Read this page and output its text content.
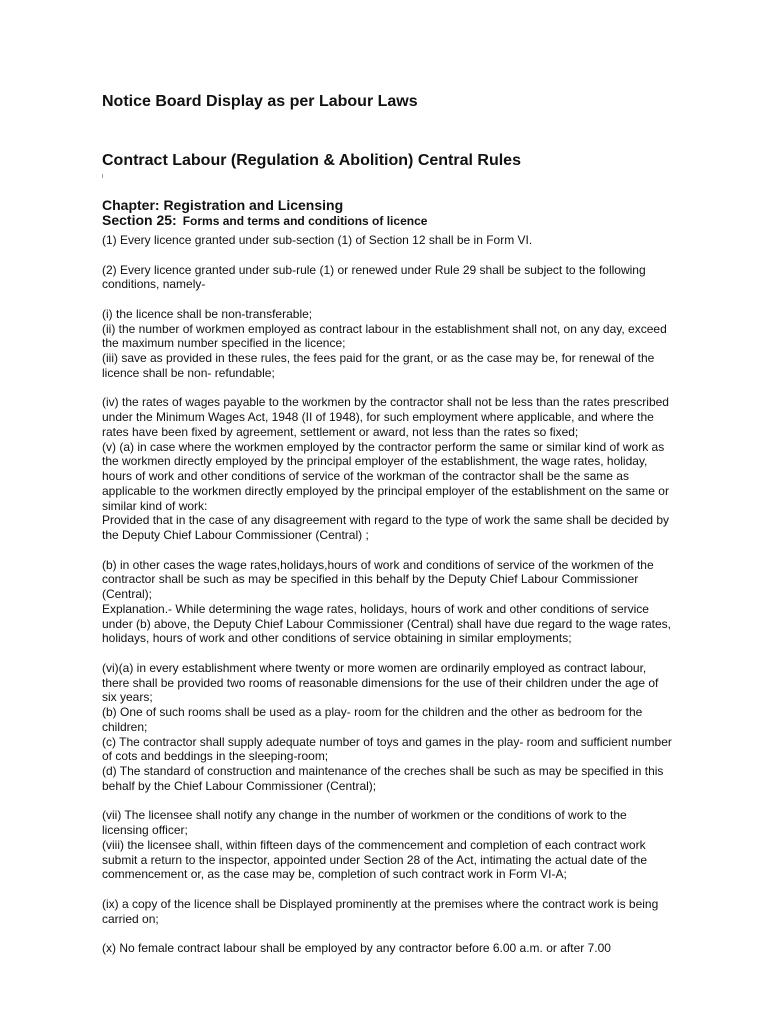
Notice Board Display as per Labour Laws
Contract Labour (Regulation & Abolition) Central Rules
Chapter: Registration and Licensing
Section 25: Forms and terms and conditions of licence

(1) Every licence granted under sub-section (1) of Section 12 shall be in Form VI.

(2) Every licence granted under sub-rule (1) or renewed under Rule 29 shall be subject to the following conditions, namely-

(i) the licence shall be non-transferable;

(ii) the number of workmen employed as contract labour in the establishment shall not, on any day, exceed the maximum number specified in the licence;

(iii) save as provided in these rules, the fees paid for the grant, or as the case may be, for renewal of the licence shall be non- refundable;

(iv) the rates of wages payable to the workmen by the contractor shall not be less than the rates prescribed under the Minimum Wages Act, 1948 (II of 1948), for such employment where applicable, and where the rates have been fixed by agreement, settlement or award, not less than the rates so fixed;

(v) (a) in case where the workmen employed by the contractor perform the same or similar kind of work as the workmen directly employed by the principal employer of the establishment, the wage rates, holiday, hours of work and other conditions of service of the workman of the contractor shall be the same as applicable to the workmen directly employed by the principal employer of the establishment on the same or similar kind of work:

Provided that in the case of any disagreement with regard to the type of work the same shall be decided by the Deputy Chief Labour Commissioner (Central) ;

(b) in other cases the wage rates,holidays,hours of work and conditions of service of the workmen of the contractor shall be such as may be specified in this behalf by the Deputy Chief Labour Commissioner (Central);

Explanation.- While determining the wage rates, holidays, hours of work and other conditions of service under (b) above, the Deputy Chief Labour Commissioner (Central) shall have due regard to the wage rates, holidays, hours of work and other conditions of service obtaining in similar employments;

(vi)(a) in every establishment where twenty or more women are ordinarily employed as contract labour, there shall be provided two rooms of reasonable dimensions for the use of their children under the age of six years;

(b) One of such rooms shall be used as a play- room for the children and the other as bedroom for the children;

(c) The contractor shall supply adequate number of toys and games in the play- room and sufficient number of cots and beddings in the sleeping-room;

(d) The standard of construction and maintenance of the creches shall be such as may be specified in this behalf by the Chief Labour Commissioner (Central);

(vii) The licensee shall notify any change in the number of workmen or the conditions of work to the licensing officer;

(viii) the licensee shall, within fifteen days of the commencement and completion of each contract work submit a return to the inspector, appointed under Section 28 of the Act, intimating the actual date of the commencement or, as the case may be, completion of such contract work in Form VI-A;

(ix) a copy of the licence shall be Displayed prominently at the premises where the contract work is being carried on;

(x) No female contract labour shall be employed by any contractor before 6.00 a.m. or after 7.00
